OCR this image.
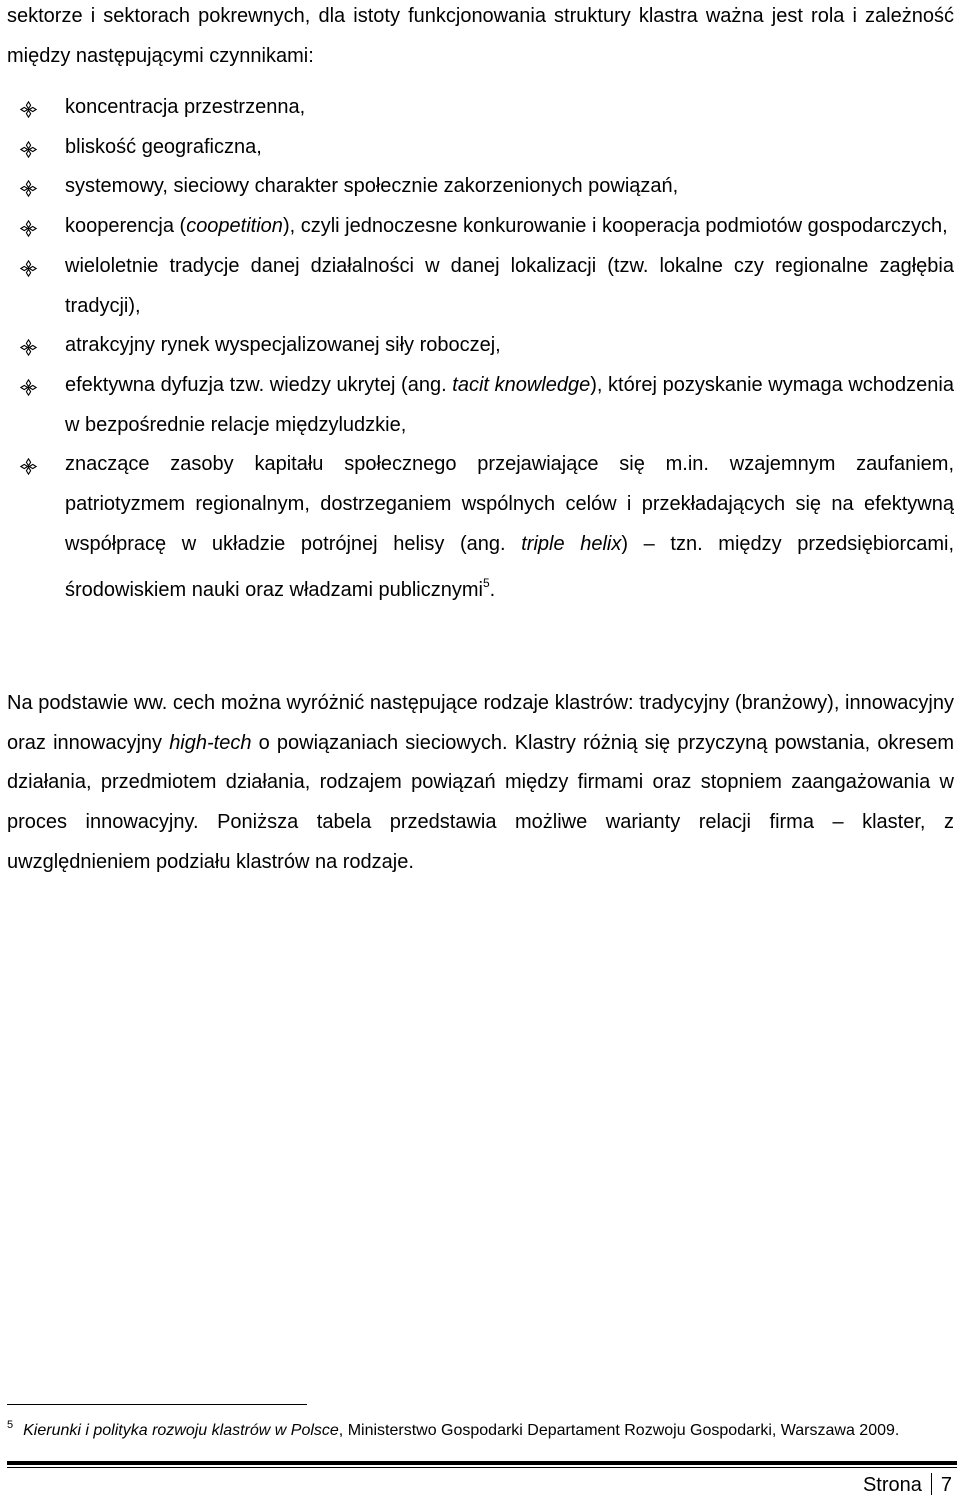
sektorze i sektorach pokrewnych, dla istoty funkcjonowania struktury klastra ważna jest rola i zależność między następującymi czynnikami:
koncentracja przestrzenna,
bliskość geograficzna,
systemowy, sieciowy charakter społecznie zakorzenionych powiązań,
kooperencja (coopetition), czyli jednoczesne konkurowanie i kooperacja podmiotów gospodarczych,
wieloletnie tradycje danej działalności w danej lokalizacji (tzw. lokalne czy regionalne zagłębia tradycji),
atrakcyjny rynek wyspecjalizowanej siły roboczej,
efektywna dyfuzja tzw. wiedzy ukrytej (ang. tacit knowledge), której pozyskanie wymaga wchodzenia w bezpośrednie relacje międzyludzkie,
znaczące zasoby kapitału społecznego przejawiające się m.in. wzajemnym zaufaniem, patriotyzmem regionalnym, dostrzeganiem wspólnych celów i przekładających się na efektywną współpracę w układzie potrójnej helisy (ang. triple helix) – tzn. między przedsiębiorcami, środowiskiem nauki oraz władzami publicznymi$^5$.

Na podstawie ww. cech można wyróżnić następujące rodzaje klastrów: tradycyjny (branżowy), innowacyjny oraz innowacyjny high-tech o powiązaniach sieciowych. Klastry różnią się przyczyną powstania, okresem działania, przedmiotem działania, rodzajem powiązań między firmami oraz stopniem zaangażowania w proces innowacyjny. Poniższa tabela przedstawia możliwe warianty relacji firma – klaster, z uwzględnieniem podziału klastrów na rodzaje.

$^5$ Kierunki i polityka rozwoju klastrów w Polsce, Ministerstwo Gospodarki Departament Rozwoju Gospodarki, Warszawa 2009.

Strona 7
